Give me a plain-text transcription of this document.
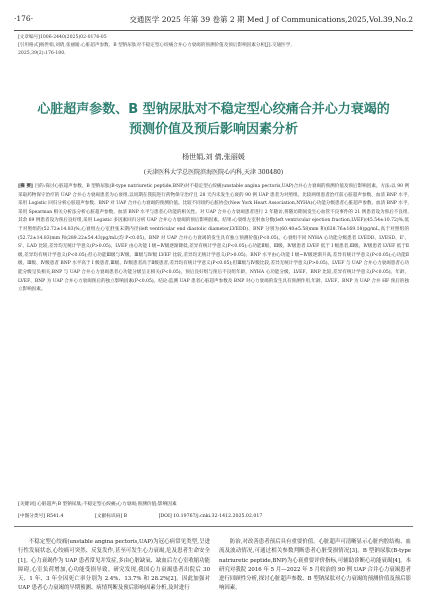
·176·	交通医学 2025 年第 39 卷第 2 期 Med J of Communications,2025,Vol.39,No.2
[文章编号]1006-2440(2025)02-0176-05
[引用格式]杨世娟,刘倩,张丽媛.心脏超声参数、B 型钠尿肽对不稳定型心绞痛合并心力衰竭的预测价值及预后影响因素分析[J].交通医学,
2025,39(2):176-180.
心脏超声参数、B 型钠尿肽对不稳定型心绞痛合并心力衰竭的
预测价值及预后影响因素分析
杨世娟,刘 倩,张丽媛
(天津医科大学总医院滨海医院心内科,天津 300480)
[摘 要] 目的:探讨心脏超声参数、B 型钠尿肽(B-type natriuretic peptide,BNP)对不稳定型心绞痛(unstable angina pectoris,UAP)合并心力衰竭的预测价值及预后影响因素。方法:以 90 例采取药物保守治疗的 UAP 合并心力衰竭患者为心衰组,以同期在我院进行药物保守治疗且 28 天内未发生心衰的 90 例 UAP 患者为对照组。比较两组患者治疗前心脏超声参数、血清 BNP 水平,采用 Logistic 回归分析心脏超声参数、BNP 对 UAP 合并心力衰竭的预测价值。比较不同纽约心脏协会(New York Heart Association,NYHA)心功能分级患者心脏超声参数、血清 BNP 水平,采用 Spearman 相关分析法分析心脏超声参数、血清 BNP 水平与患者心功能的相关性。对 UAP 合并心力衰竭患者进行 2 年随访,将随访期间发生心血管不良事件的 21 例患者设为预后不良组,其余 69 例患者设为预后良好组,采用 Logistic 多因素回归分析 UAP 合并心力衰竭的预后影响因素。结果:心衰组左室射血分数(left ventricular ejection fraction,LVEF)(45.54±10.72)%,低于对照组的(52.72±14.83)%,心衰组左心室舒张末期内径(left ventricular end diastolic diameter,LVEDD)、BNP 分别为(60.40±5.58)mm 和(638.76±169.18)pg/mL,高于对照组的(52.72±14.83)mm 和(289.22±54.43)pg/mL(均 P<0.05)。BNP 对 UAP 合并心力衰竭的发生具有独立预测价值(P<0.05)。心衰组不同 NYHA 心功能分级患者 LVEDD、LVESD、E'、S'、LAD 比较,差异均无统计学意义(P>0.05)。LVEF 由心功能 I 级~Ⅳ级逐渐降低,差异有统计学意义(P<0.05);心功能Ⅱ级、Ⅲ级、Ⅳ级患者 LVEF 低于 I 级患者,Ⅲ级、Ⅳ级患者 LVEF 低于Ⅱ级,差异均有统计学意义(P<0.05);但心功能Ⅲ级与Ⅳ级、Ⅲ级与Ⅳ级 LVEF 比较,差异均无统计学意义(P>0.05)。BNP 水平由心功能 I 级~Ⅳ级逐渐升高,差异有统计学意义(P<0.05);心功能Ⅱ级、Ⅲ级、Ⅳ级患者 BNP 水平高于 I 级患者,Ⅲ级、Ⅳ级患者高于Ⅱ级患者,差异均有统计学意义(P<0.05);但Ⅲ级与Ⅳ级比较,差异无统计学意义(P>0.05)。LVEF 与 UAP 合并心力衰竭患者心功能分级呈负相关,BNP 与 UAP 合并心力衰竭患者心功能分级呈正相关(P<0.05)。预后良好组与预后不良组年龄、NYHA 心功能分级、LVEF、BNP 比较,差异有统计学意义(P<0.05)。年龄、LVEF、BNP 为 UAP 合并心力衰竭预后的独立影响因素(P<0.05)。结论:监测 UAP 患者心脏超声参数及 BNP 对心力衰竭的发生具有预测作用,年龄、LVEF、BNP 为 UAP 合并 HF 预后的独立影响因素。
[关键词] 心脏超声;B 型钠尿肽;不稳定型心绞痛;心力衰竭;预测价值;影响因素
[中图分类号] R541.4	[文献标识码] B	[DOI] 10.19767/j.cnki.32-1412.2025.02.017

不稳定型心绞痛(unstable angina pectoris,UAP)为冠心病常见类型,呈进行性发展状态,心绞痛可突然、反复发作,甚至可发生心力衰竭,危及患者生命安全[1]。心力衰竭作为 UAP 患者常见并发症,多由心脏缺氧、缺血后左心室收缩功能障碍,心室负荷增加,心功能受损导致。研究发现,我国心力衰竭患者出院后 30 天、1 年、3 年全因死亡率分别为 2.4%、13.7% 和 28.2%[2]。因此加强对 UAP 患者心力衰竭的早期预测、病情判断及预后影响因素分析,及时进行

防治,对改善患者预后具有重要价值。心脏超声可清晰显示心脏内腔结构、血流及波动情况,可通过相关参数判断患者心脏受损情况[3]。B 型钠尿肽(B-type natriuretic peptide,BNP)为心衰重要评价指标,可辅助诊断心功能衰竭[4]。本研究对我院 2016 年 5 月—2022 年 5 月收治的 90 例 UAP 合并心力衰竭患者进行回顾性分析,探讨心脏超声参数、B 型钠尿肽对心力衰竭的预测价值及预后影响因素。
